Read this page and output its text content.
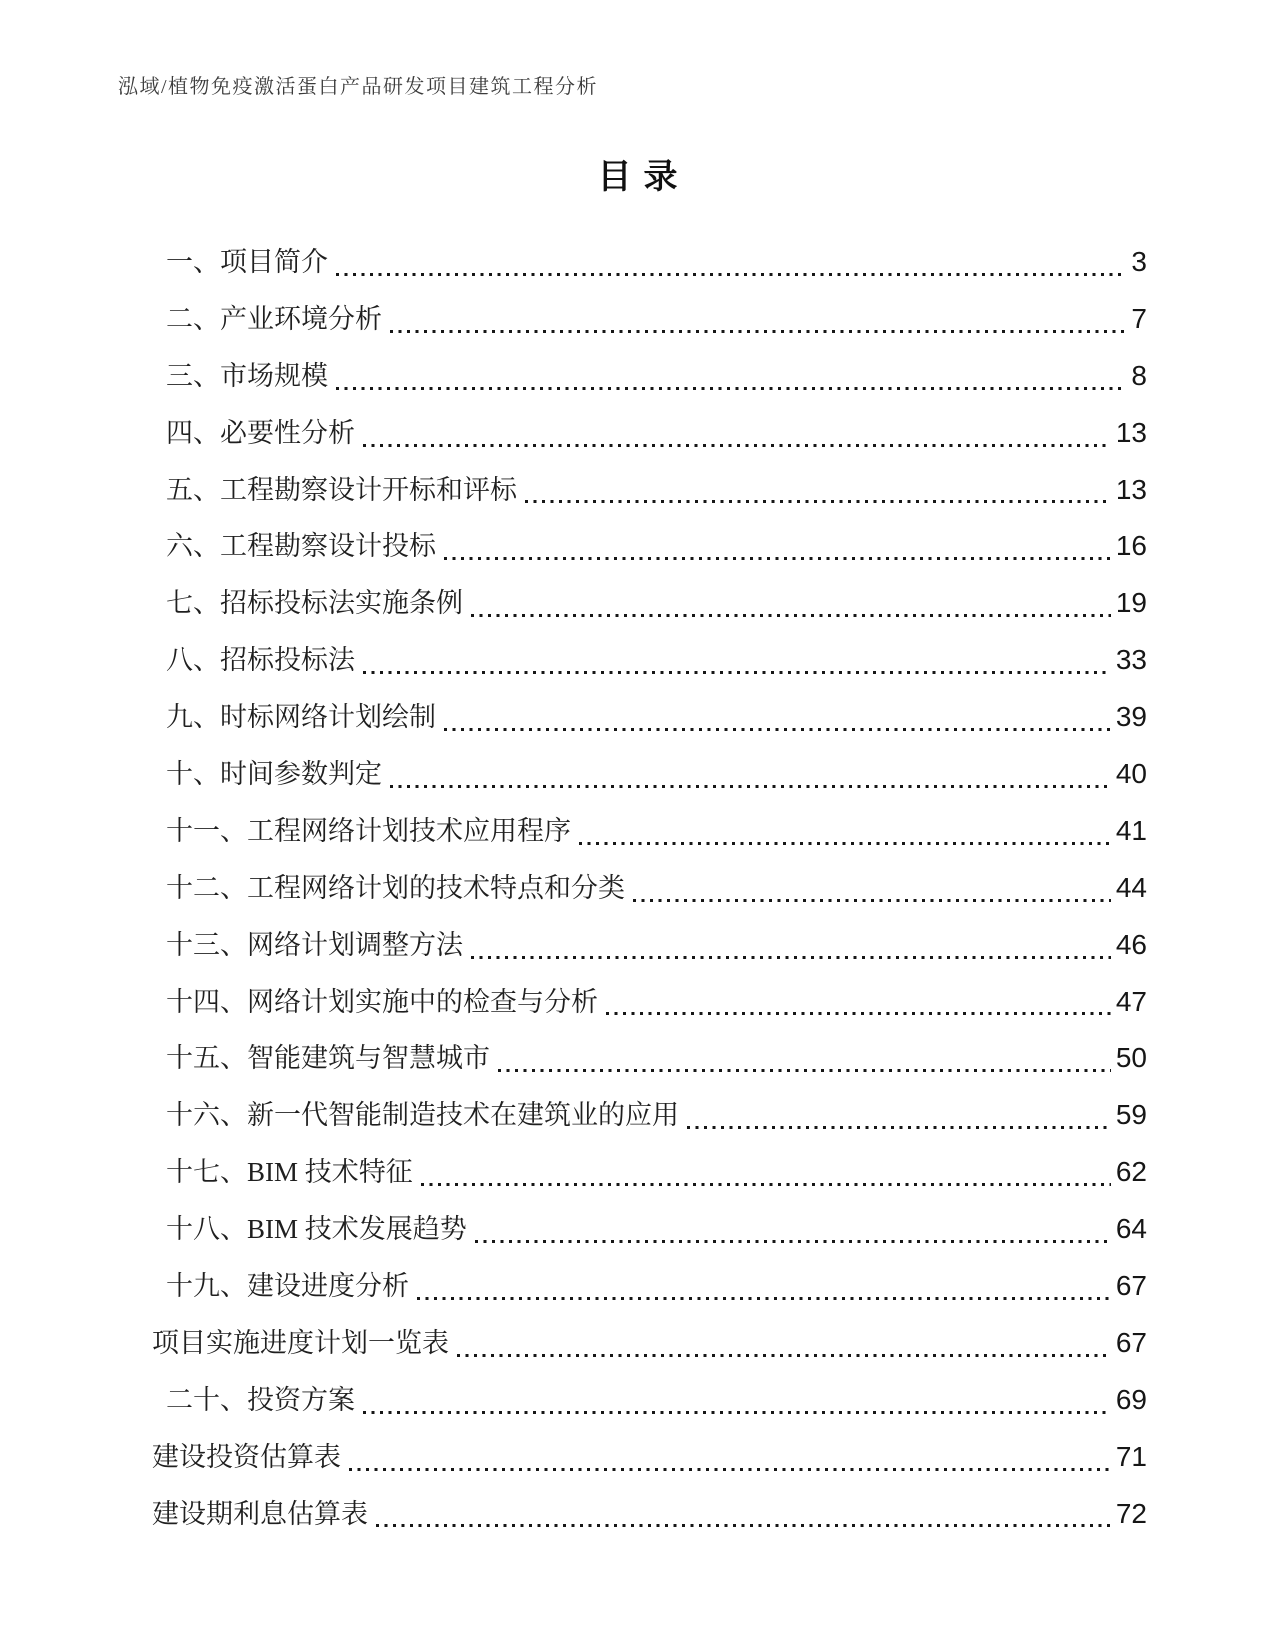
泓域/植物免疫激活蛋白产品研发项目建筑工程分析
目录
一、项目简介	3
二、产业环境分析	7
三、市场规模	8
四、必要性分析	13
五、工程勘察设计开标和评标	13
六、工程勘察设计投标	16
七、招标投标法实施条例	19
八、招标投标法	33
九、时标网络计划绘制	39
十、时间参数判定	40
十一、工程网络计划技术应用程序	41
十二、工程网络计划的技术特点和分类	44
十三、网络计划调整方法	46
十四、网络计划实施中的检查与分析	47
十五、智能建筑与智慧城市	50
十六、新一代智能制造技术在建筑业的应用	59
十七、BIM 技术特征	62
十八、BIM 技术发展趋势	64
十九、建设进度分析	67
项目实施进度计划一览表	67
二十、投资方案	69
建设投资估算表	71
建设期利息估算表	72
